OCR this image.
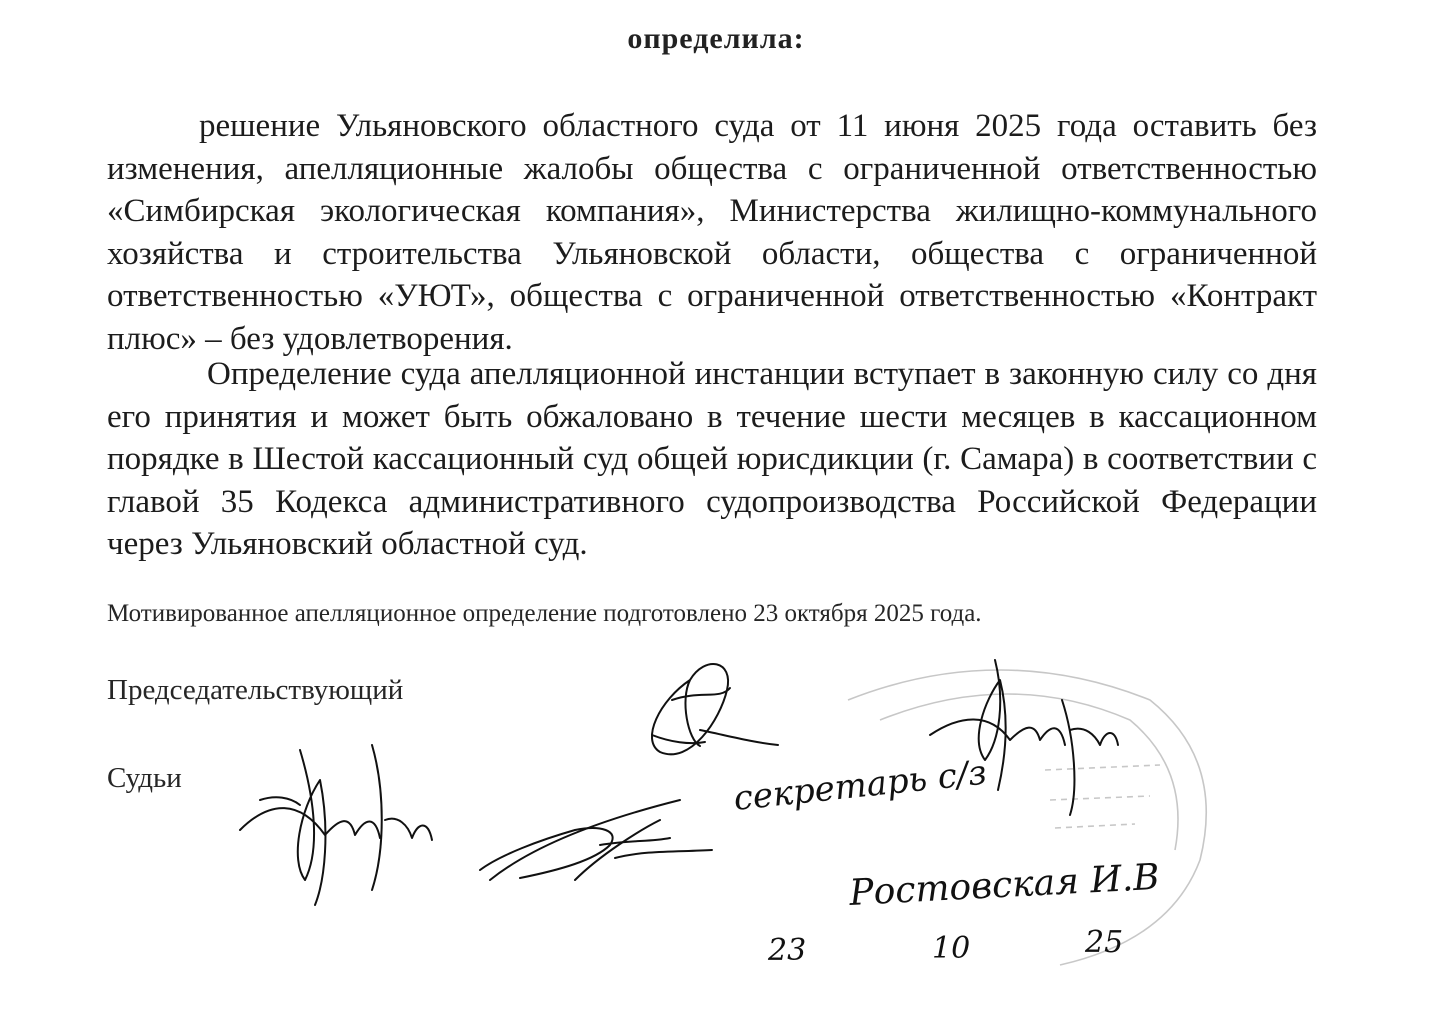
определила:

решение Ульяновского областного суда от 11 июня 2025 года оставить без изменения, апелляционные жалобы общества с ограниченной ответственностью «Симбирская экологическая компания», Министерства жилищно-коммунального хозяйства и строительства Ульяновской области, общества с ограниченной ответственностью «УЮТ», общества с ограниченной ответственностью «Контракт плюс» – без удовлетворения.

Определение суда апелляционной инстанции вступает в законную силу со дня его принятия и может быть обжаловано в течение шести месяцев в кассационном порядке в Шестой кассационный суд общей юрисдикции (г. Самара) в соответствии с главой 35 Кодекса административного судопроизводства Российской Федерации через Ульяновский областной суд.

Мотивированное апелляционное определение подготовлено 23 октября 2025 года.
Председательствующий
Судьи	секретарь с/з
Ростовская И.В
23	10	25
